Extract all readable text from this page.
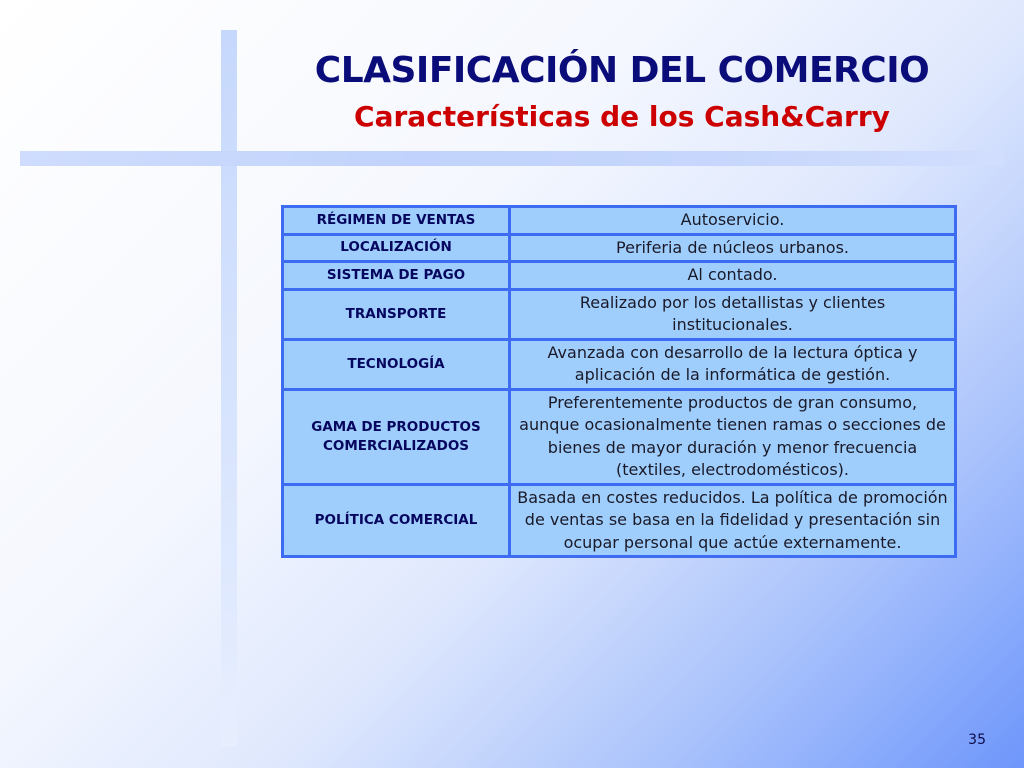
CLASIFICACIÓN DEL COMERCIO
Características de los Cash&Carry
RÉGIMEN DE VENTAS	Autoservicio.
LOCALIZACIÓN	Periferia de núcleos urbanos.
SISTEMA DE PAGO	Al contado.
TRANSPORTE	Realizado por los detallistas y clientes institucionales.
TECNOLOGÍA	Avanzada con desarrollo de la lectura óptica y aplicación de la informática de gestión.
GAMA DE PRODUCTOS COMERCIALIZADOS	Preferentemente productos de gran consumo, aunque ocasionalmente tienen ramas o secciones de bienes de mayor duración y menor frecuencia (textiles, electrodomésticos).
POLÍTICA COMERCIAL	Basada en costes reducidos. La política de promoción de ventas se basa en la fidelidad y presentación sin ocupar personal que actúe externamente.
35
